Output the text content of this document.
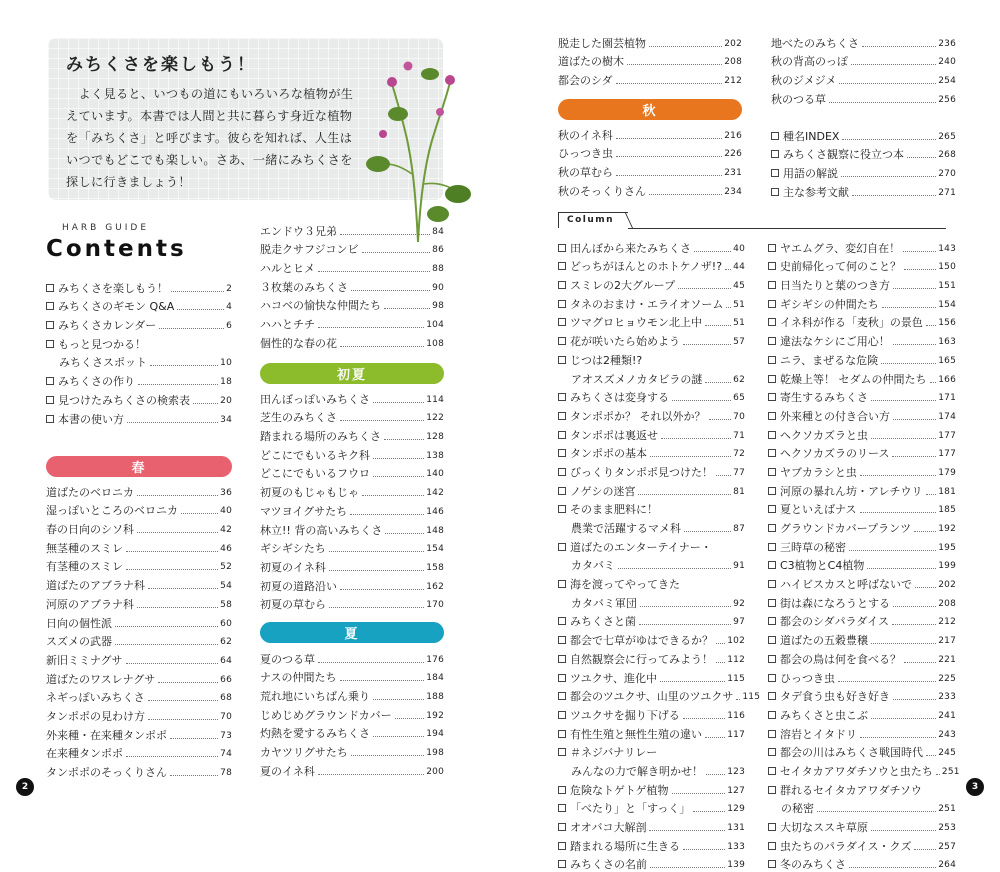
みちくさを楽しもう！
　よく見ると、いつもの道にもいろいろな植物が生えています。本書では人間と共に暮らす身近な植物を「みちくさ」と呼びます。彼らを知れば、人生はいつでもどこでも楽しい。さあ、一緒にみちくさを探しに行きましょう！
HARB GUIDE
Contents
みちくさを楽しもう！	2
みちくさのギモン Q&A	4
みちくさカレンダー	6
もっと見つかる！
みちくさスポット	10
みちくさの作り	18
見つけたみちくさの検索表	20
本書の使い方	34
春
道ばたのベロニカ	36
湿っぽいところのベロニカ	40
春の日向のシソ科	42
無茎種のスミレ	46
有茎種のスミレ	52
道ばたのアブラナ科	54
河原のアブラナ科	58
日向の個性派	60
スズメの武器	62
新旧ミミナグサ	64
道ばたのワスレナグサ	66
ネギっぽいみちくさ	68
タンポポの見わけ方	70
外来種・在来種タンポポ	73
在来種タンポポ	74
タンポポのそっくりさん	78
エンドウ３兄弟	84
脱走クサフジコンビ	86
ハルとヒメ	88
３枚葉のみちくさ	90
ハコベの愉快な仲間たち	98
ハハとチチ	104
個性的な春の花	108
初夏
田んぼっぽいみちくさ	114
芝生のみちくさ	122
踏まれる場所のみちくさ	128
どこにでもいるキク科	138
どこにでもいるフウロ	140
初夏のもじゃもじゃ	142
マツヨイグサたち	146
林立!! 背の高いみちくさ	148
ギシギシたち	154
初夏のイネ科	158
初夏の道路沿い	162
初夏の草むら	170
夏
夏のつる草	176
ナスの仲間たち	184
荒れ地にいちばん乗り	188
じめじめグラウンドカバー	192
灼熱を愛するみちくさ	194
カヤツリグサたち	198
夏のイネ科	200
脱走した園芸植物	202
道ばたの樹木	208
都会のシダ	212
秋
秋のイネ科	216
ひっつき虫	226
秋の草むら	231
秋のそっくりさん	234
地べたのみちくさ	236
秋の背高のっぽ	240
秋のジメジメ	254
秋のつる草	256
種名INDEX	265
みちくさ観察に役立つ本	268
用語の解説	270
主な参考文献	271
Column
田んぼから来たみちくさ	40
どっちがほんとのホトケノザ!? 44
スミレの2大グループ	45
タネのおまけ・エライオソーム 51
ツマグロヒョウモン北上中	51
花が咲いたら始めよう	57
じつは2種類!?
アオスズメノカタビラの謎	62
みちくさは変身する	65
タンポポか？ それ以外か？	70
タンポポは裏返せ	71
タンポポの基本	72
びっくりタンポポ見つけた！ 77
ノゲシの迷宮	81
そのまま肥料に！
農業で活躍するマメ科	87
道ばたのエンターテイナー・
カタバミ	91
海を渡ってやってきた
カタバミ軍団	92
みちくさと菌	97
都会で七草がゆはできるか？ 102
自然観察会に行ってみよう！ 112
ツユクサ、進化中	115
都会のツユクサ、山里のツユクサ 115
ツユクサを掘り下げる	116
有性生殖と無性生殖の違い	117
＃ネジバナリレー
みんなの力で解き明かせ！	123
危険なトゲトゲ植物	127
「べたり」と「すっく」	129
オオバコ大解剖	131
踏まれる場所に生きる	133
みちくさの名前	139
ヤエムグラ、変幻自在！	143
史前帰化って何のこと？	150
日当たりと葉のつき方	151
ギシギシの仲間たち	154
イネ科が作る「麦秋」の景色 156
違法なケシにご用心！	163
ニラ、まぜるな危険	165
乾燥上等！ セダムの仲間たち 166
寄生するみちくさ	171
外来種との付き合い方	174
ヘクソカズラと虫	177
ヘクソカズラのリース	177
ヤブカラシと虫	179
河原の暴れん坊・アレチウリ 181
夏といえばナス	185
グラウンドカバープランツ	192
三時草の秘密	195
C3植物とC4植物	199
ハイビスカスと呼ばないで	202
街は森になろうとする	208
都会のシダパラダイス	212
道ばたの五穀豊穣	217
都会の鳥は何を食べる？	221
ひっつき虫	225
タデ食う虫も好き好き	233
みちくさと虫こぶ	241
溶岩とイタドリ	243
都会の川はみちくさ戦国時代 245
セイタカアワダチソウと虫たち 251
群れるセイタカアワダチソウ
の秘密	251
大切なススキ草原	253
虫たちのパラダイス・クズ	257
冬のみちくさ	264
2	3
